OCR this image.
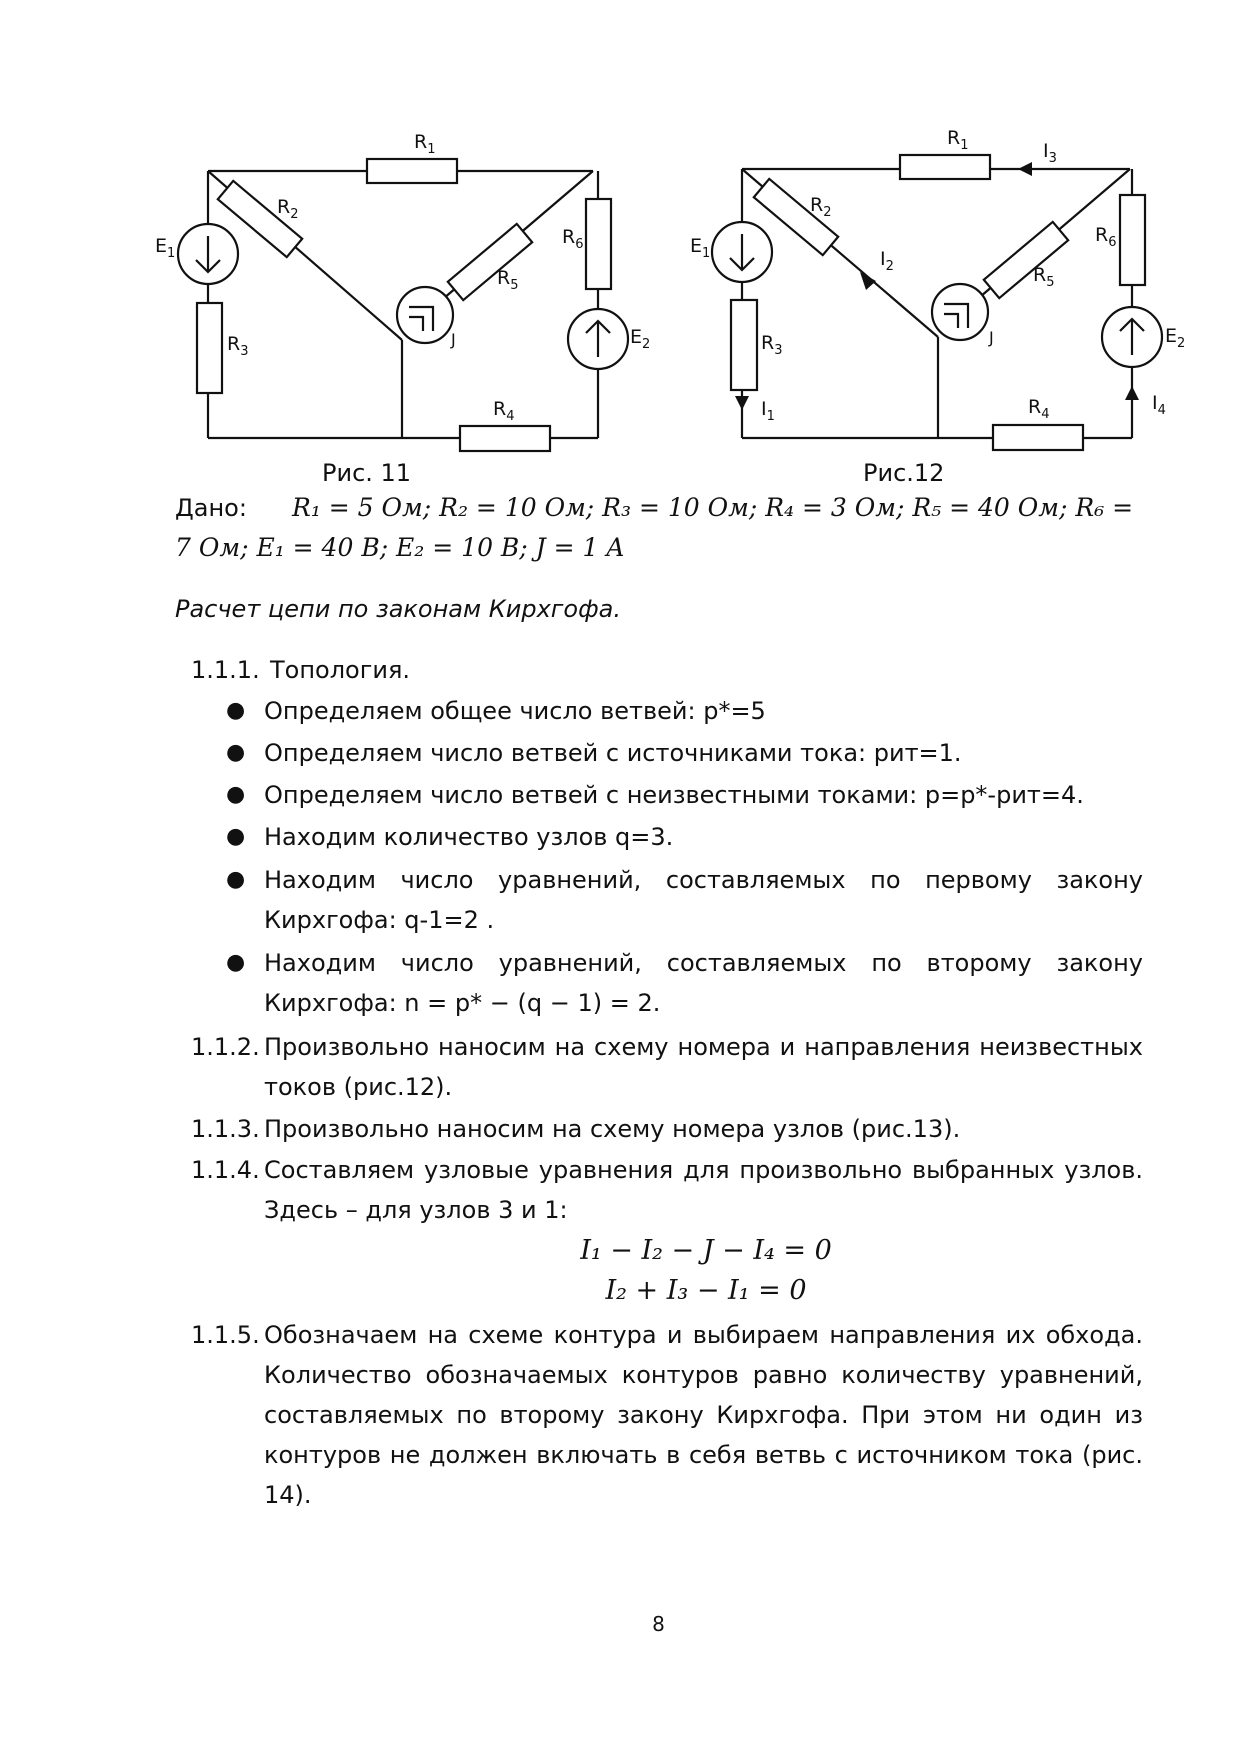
$R_1$
$R_2$
$R_3$
$R_4$
$R_5$
$R_6$
$E_1$
$E_2$
J
Рис. 11
$R_1$
$R_2$
$R_3$
$R_4$
$R_5$
$R_6$
$E_1$
$E_2$
J
$I_1$
$I_2$
$I_3$
$I_4$
Рис.12
Дано: R₁ = 5 Ом; R₂ = 10 Ом; R₃ = 10 Ом; R₄ = 3 Ом; R₅ = 40 Ом; R₆ =
7 Ом; E₁ = 40 В; E₂ = 10 В; J = 1 A
Расчет цепи по законам Кирхгофа.
1.1.1. Топология.
● Определяем общее число ветвей: p*=5
● Определяем число ветвей с источниками тока: pит=1.
● Определяем число ветвей с неизвестными токами: p=p*-pит=4.
● Находим количество узлов q=3.
● Находим число уравнений, составляемых по первому закону Кирхгофа: q-1=2 .
● Находим число уравнений, составляемых по второму закону Кирхгофа: n = p* − (q − 1) = 2.
1.1.2. Произвольно наносим на схему номера и направления неизвестных токов (рис.12).
1.1.3. Произвольно наносим на схему номера узлов (рис.13).
1.1.4. Составляем узловые уравнения для произвольно выбранных узлов. Здесь – для узлов 3 и 1:
I₁ − I₂ − J − I₄ = 0
I₂ + I₃ − I₁ = 0
1.1.5. Обозначаем на схеме контура и выбираем направления их обхода. Количество обозначаемых контуров равно количеству уравнений, составляемых по второму закону Кирхгофа. При этом ни один из контуров не должен включать в себя ветвь с источником тока (рис. 14).
8
